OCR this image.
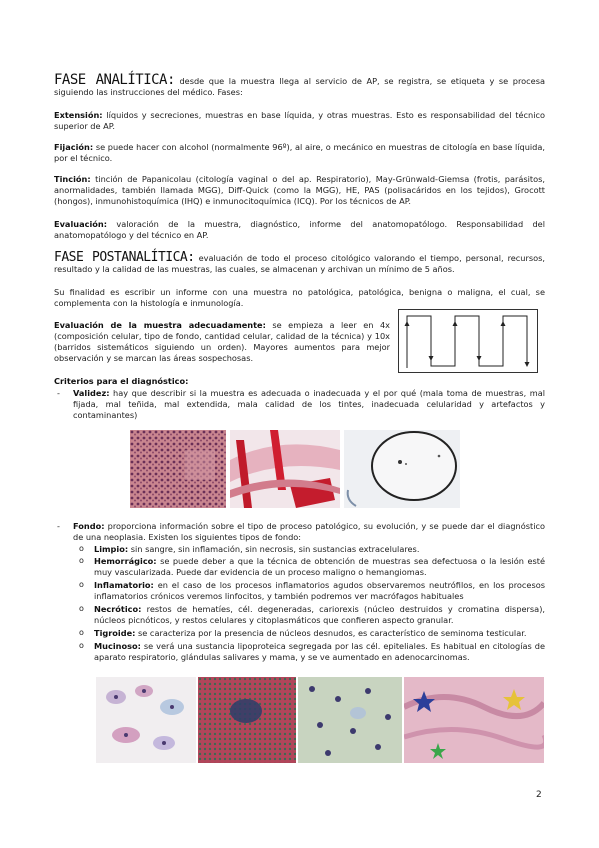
FASE ANALÍTICA: desde que la muestra llega al servicio de AP, se registra, se etiqueta y se procesa siguiendo las instrucciones del médico. Fases:
Extensión: líquidos y secreciones, muestras en base líquida, y otras muestras. Esto es responsabilidad del técnico superior de AP.
Fijación: se puede hacer con alcohol (normalmente 96º), al aire, o mecánico en muestras de citología en base líquida, por el técnico.
Tinción: tinción de Papanicolau (citología vaginal o del ap. Respiratorio), May-Grünwald-Giemsa (frotis, parásitos, anormalidades, también llamada MGG), Diff-Quick (como la MGG), HE, PAS (polisacáridos en los tejidos), Grocott (hongos), inmunohistoquímica (IHQ) e inmunocitoquímica (ICQ). Por los técnicos de AP.
Evaluación: valoración de la muestra, diagnóstico, informe del anatomopatólogo. Responsabilidad del anatomopatólogo y del técnico en AP.
FASE POSTANALÍTICA: evaluación de todo el proceso citológico valorando el tiempo, personal, recursos, resultado y la calidad de las muestras, las cuales, se almacenan y archivan un mínimo de 5 años.
Su finalidad es escribir un informe con una muestra no patológica, patológica, benigna o maligna, el cual, se complementa con la histología e inmunología.
Evaluación de la muestra adecuadamente: se empieza a leer en 4x (composición celular, tipo de fondo, cantidad celular, calidad de la técnica) y 10x (barridos sistemáticos siguiendo un orden). Mayores aumentos para mejor observación y se marcan las áreas sospechosas.
Criterios para el diagnóstico:
- Validez: hay que describir si la muestra es adecuada o inadecuada y el por qué (mala toma de muestras, mal fijada, mal teñida, mal extendida, mala calidad de los tintes, inadecuada celularidad y artefactos y contaminantes)
- Fondo: proporciona información sobre el tipo de proceso patológico, su evolución, y se puede dar el diagnóstico de una neoplasia. Existen los siguientes tipos de fondo:
o Limpio: sin sangre, sin inflamación, sin necrosis, sin sustancias extracelulares.
o Hemorrágico: se puede deber a que la técnica de obtención de muestras sea defectuosa o la lesión esté muy vascularizada. Puede dar evidencia de un proceso maligno o hemangiomas.
o Inflamatorio: en el caso de los procesos inflamatorios agudos observaremos neutrófilos, en los procesos inflamatorios crónicos veremos linfocitos, y también podremos ver macrófagos habituales
o Necrótico: restos de hematíes, cél. degeneradas, cariorexis (núcleo destruidos y cromatina dispersa), núcleos picnóticos, y restos celulares y citoplasmáticos que confieren aspecto granular.
o Tigroide: se caracteriza por la presencia de núcleos desnudos, es característico de seminoma testicular.
o Mucinoso: se verá una sustancia lipoproteica segregada por las cél. epiteliales. Es habitual en citologías de aparato respiratorio, glándulas salivares y mama, y se ve aumentado en adenocarcinomas.
2
